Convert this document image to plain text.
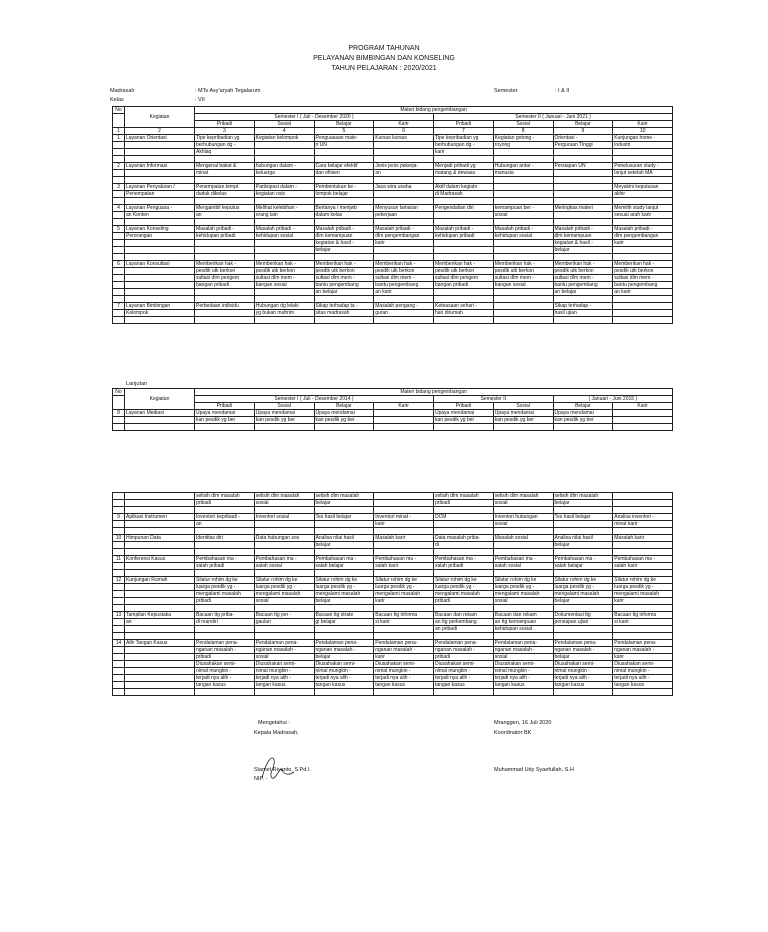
PROGRAM TAHUNAN
PELAYANAN BIMBINGAN DAN KONSELING
TAHUN PELAJARAN : 2020/2021
Madrasah	: MTs Asy'aryah Tegalarum
Kelas	: VII
Semester	: I & II
No	Kegiatan	Materi bidang pengembangan							
		Semester I ( Juli - Desember 2020 )				Semester II ( Januari - Juni 2021 )			
		Pribadi	Sosial	Belajar	Karir	Pribadi	Sosial	Belajar	Karir
1	2	3	4	5	6	7	8	9	10
1	Layanan Orientasi	Tipe kepribadian yg	Kegiatan kelompok	Penguasaan mate-	Kursus kursus	Tipe kepribadian yg	Kegiatan gotong -	Orientasi -	Kunjungan home -
		berhubungan dg -		ri UN		berhubungan dg -	royong	Perguruan Tinggi	industri
		Akhlaq				karir			

2	Layanan Informasi	Mengenal bakat &	hubungan dalam -	Cara belajar efektif	Jenis jenis pekerja-	Menjadi pribadi yg	Hubungan antar -	Persiapan UN	Penelusuran study -
		minat	keluarga	dan efisien	an	matang & dewasa	manusia		lanjut setelah MA

3	Layanan Penyaluran /	Penempatan tempt	Partisipasi dalam -	Pembentukan ke -	Jasa wira usaha	Aktif dalam kegiatn			Meyakini keputusan
	Penempatan	duduk dikelas	kegiatan osis	lompok belajar		di Madrasah			akhir

4	Layanan Penguasa -	Mengambil keputus	Melihat kelebihan -	Bertanya / menjwb	Menyusun lamaran	Pengendalian diri	kemampuan ber -	Meringkas materi	Memilih study lanjut
	an Konten	an	orang lain	dalam kelas	pekerjaan		sosial		sesuai arah karir

5	Layanan Konseling	Masalah pribadi -	Masalah pribadi -	Masalah pribadi -	Masalah pribadi -	Masalah pribadi -	Masalah pribadi -	Masalah pribadi -	Masalah pribadi -
	Perorangan	kehidupan pribadi	kehidupan sosial	dlm kemampuan	dlm pengembangan	kehidupan pribadi	kehidupan sosial	dlm kemampuan	dlm pengembangan
				kegiatan & hasil -	karir			kegiatan & hasil -	karir
				belajar				belajar	

6	Layanan Konsultasi	Memberikan hak -	Memberikan hak -	Memberikan hak -	Memberikan hak -	Memberikan hak -	Memberikan hak -	Memberikan hak -	Memberikan hak -
		pesdik utk berkon	pesdik utk berkon	pesdik utk berkon	pesdik utk berkon	pesdik utk berkon	pesdik utk berkon	pesdik utk berkon	pesdik utk berkon
		sultasi dlm pengem	sultasi dlm mem -	sultasi dlm mem -	sultasi dlm mem -	sultasi dlm pengem	sultasi dlm mem -	sultasi dlm mem -	sultasi dlm mem -
		bangan pribadi	bangan sosial	bantu pengembang	bantu pengembang	bangan pribadi	bangan sosial	bantu pengembang	bantu pengembang
				an belajar	an karir			an belajar	an karir

7	Layanan Bimbingan	Perbedaan individu	Hubungan dg lelaki	Sikap terhadap ta -	Masalah pengang -	Keteasaan sehari -		Sikap terhadap -	
	Kelompok		yg bukan muhrim	sitas madrasah	guran	hari dirumah		hasil ujian	

Lanjutan
No	Kegiatan	Materi bidang pengembangan							
		Semester I ( Juli - Desember 2014 )				Semester II		( Januari - Juni 2015 )	
		Pribadi	Sosial	Belajar	Karir	Pribadi	Sosial	Belajar	Karir
8	Layanan Mediasi	Upaya mendamai	Upaya mendamai	Upaya mendamai		Upaya mendamai	Upaya mendamai	Upaya mendamai	
		kan pesdik yg ber	kan pesdik yg ber	kan pesdik yg ber		kan pesdik yg ber	kan pesdik yg ber	kan pesdik yg ber	

		selisih dlm masalah	selisih dlm masalah	selisih dlm masalah		selisih dlm masalah	selisih dlm masalah	selisih dlm masalah	
		pribadi	sosial	belajar		pribadi	sosial	belajar	

9	Aplikasi Instrumen	Inventori kepribadi -	Inventori sosial	Tes hasil belajar	Inventori minat -	DCM	Inventori hubungan	Tes hasil belajar	Analisa inventori -
		an			karir		sosial		minat karir

10	Himpunan Data	Identitas diri	Data hubungan sos	Analisa nilai hasil	Masalah karir	Data masalah priba-	Masalah sosial	Analisa nilai hasil	Masalah karir
				belajar		di		belajar	

11	Konferensi Kasus	Pembahasan ma -	Pembahasan ma -	Pembahasan ma -	Pembahasan ma -	Pembahasan ma -	Pembahasan ma -	Pembahasan ma -	Pembahasan ma -
		salah pribadi	salah sosial	salah belajar	salah karir	salah pribadi	salah sosial	salah belajar	salah karir

12	Kunjungan Rumah	Silatur rohim dg ke	Silatur rohim dg ke	Silatur rohim dg ke	Silatur rohim dg ke	Silatur rohim dg ke	Silatur rohim dg ke	Silatur rohim dg ke	Silatur rohim dg ke
		luarga pesdik yg -	luarga pesdik yg -	luarga pesdik yg -	luarga pesdik yg -	luarga pesdik yg -	luarga pesdik yg -	luarga pesdik yg -	luarga pesdik yg -
		mengalami masalah	mengalami masalah	mengalami masalah	mengalami masalah	mengalami masalah	mengalami masalah	mengalami masalah	mengalami masalah
		pribadi	sosial	belajar	karir	pribadi	sosial	belajar	karir

13	Tampilan Kepustaka	Bacaan ttg priba-	Bacaan ttg per -	Bacaan ttg strate	Bacaan ttg informa	Bacaan dan rekam	Bacaan dan rekam	Dokumentasi ttg	Bacaan ttg informa
	an	di mandiri	gaulan	gi belajar	si karir	an ttg perkembang	an ttg kemampuan	persiapan ujian	si karir
						an pribadi	kehidupan sosial		

14	Alih Tangan Kasus	Pendalaman pena-	Pendalaman pena-	Pendalaman pena-	Pendalaman pena-	Pendalaman pena-	Pendalaman pena-	Pendalaman pena-	Pendalaman pena-
		nganan masalah -	nganan masalah -	nganan masalah -	nganan masalah -	nganan masalah -	nganan masalah -	nganan masalah -	nganan masalah -
		pribadi	sosial	belajar	karir	pribadi	sosial	belajar	karir
		Diusahakan semi-	Diusahakan semi-	Diusahakan semi-	Diusahakan semi-	Diusahakan semi-	Diusahakan semi-	Diusahakan semi-	Diusahakan semi-
		nimal mungkin -	nimal mungkin -	nimal mungkin -	nimal mungkin -	nimal mungkin -	nimal mungkin -	nimal mungkin -	nimal mungkin -
		terjadi nya alih -	terjadi nya alih -	terjadi nya alih -	terjadi nya alih -	terjadi nya alih -	terjadi nya alih -	terjadi nya alih -	terjadi nya alih -
		tangan kasus	tangan kasus	tangan kasus	tangan kasus	tangan kasus	tangan kasus	tangan kasus	tangan kasus

Mengetahui :
Kepala Madrasah,
Slamet Riyanto, S.Pd.I.
NIP. -
Mranggen, 16 Juli 2020
Koordinator BK
Muhammad Udy Syaefullah, S.H
